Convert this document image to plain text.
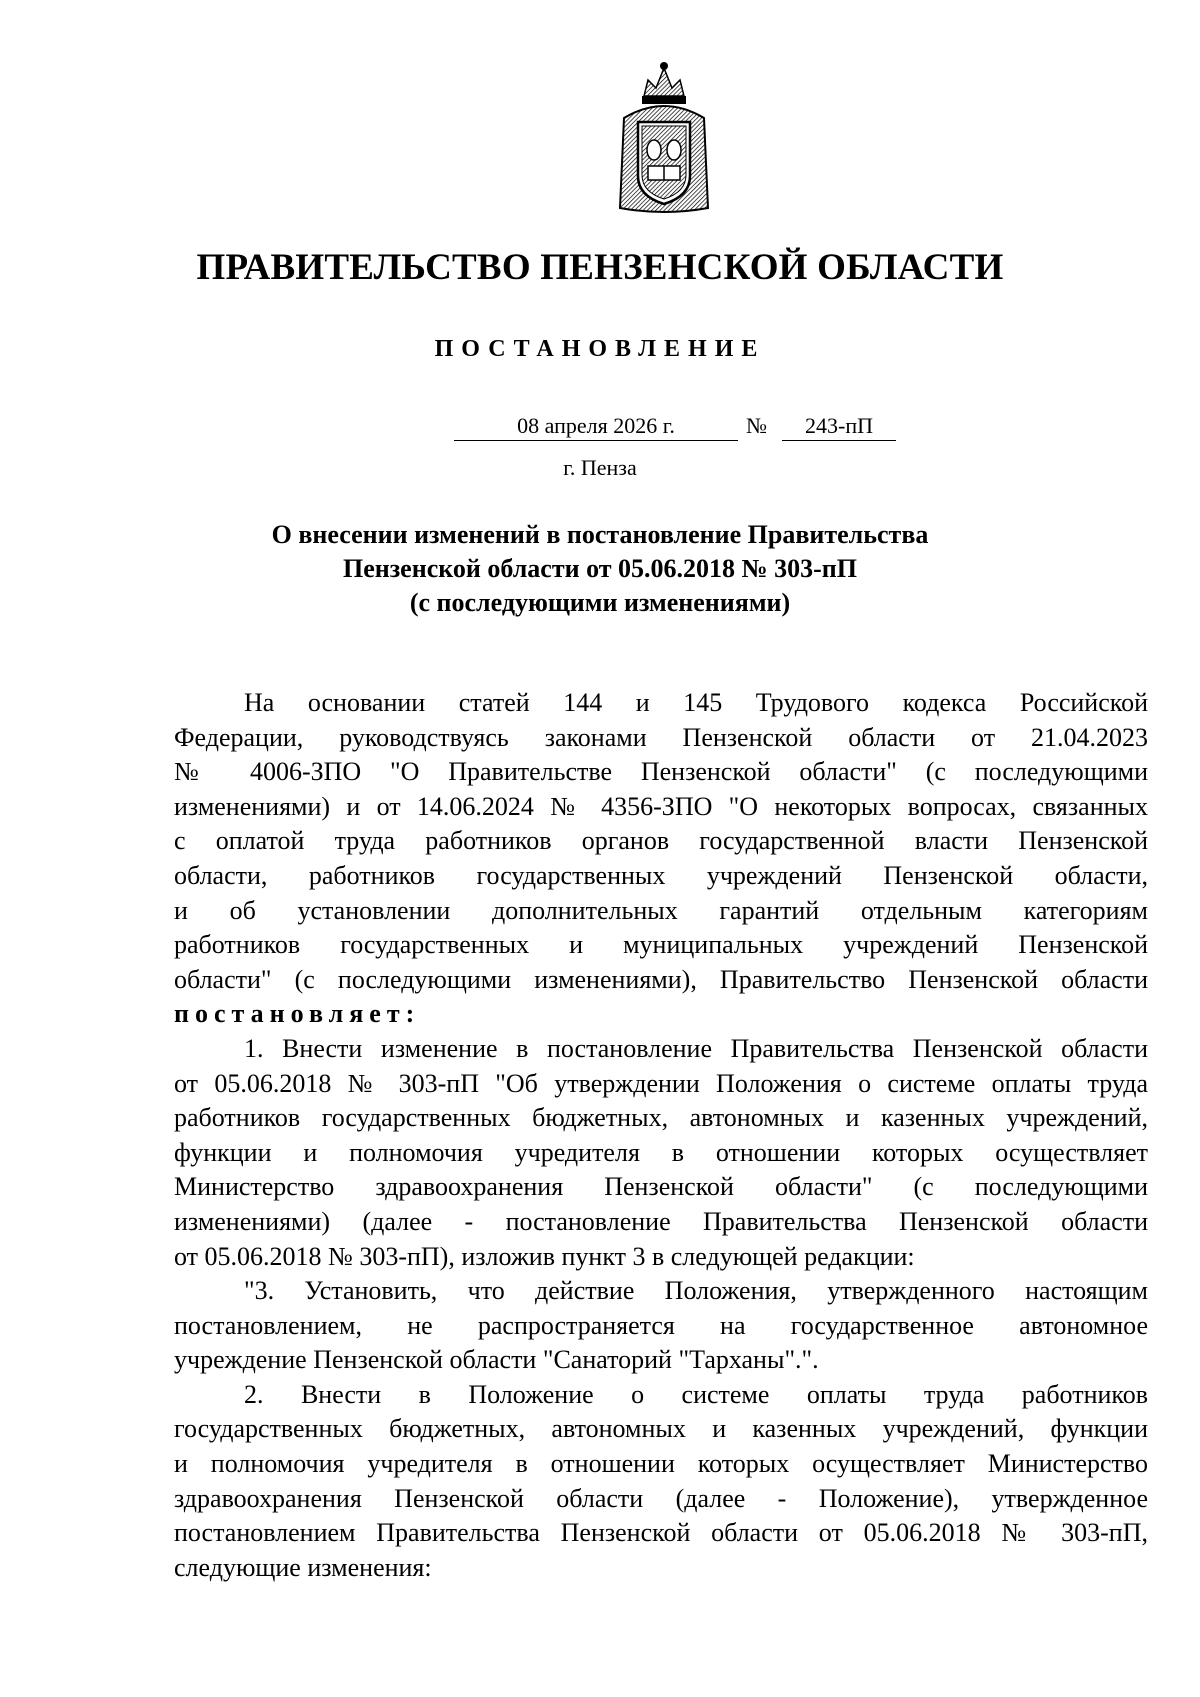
ПРАВИТЕЛЬСТВО ПЕНЗЕНСКОЙ ОБЛАСТИ
ПОСТАНОВЛЕНИЕ
08 апреля 2026 г.	№	243-пП
г. Пенза
О внесении изменений в постановление Правительства
Пензенской области от 05.06.2018 № 303-пП
(с последующими изменениями)
На основании статей 144 и 145 Трудового кодекса Российской
Федерации, руководствуясь законами Пензенской области от 21.04.2023
№ 4006-ЗПО "О Правительстве Пензенской области" (с последующими
изменениями) и от 14.06.2024 № 4356-ЗПО "О некоторых вопросах, связанных
с оплатой труда работников органов государственной власти Пензенской
области, работников государственных учреждений Пензенской области,
и об установлении дополнительных гарантий отдельным категориям
работников государственных и муниципальных учреждений Пензенской
области" (с последующими изменениями), Правительство Пензенской области
постановляет:
1. Внести изменение в постановление Правительства Пензенской области
от 05.06.2018 № 303-пП "Об утверждении Положения о системе оплаты труда
работников государственных бюджетных, автономных и казенных учреждений,
функции и полномочия учредителя в отношении которых осуществляет
Министерство здравоохранения Пензенской области" (с последующими
изменениями) (далее - постановление Правительства Пензенской области
от 05.06.2018 № 303-пП), изложив пункт 3 в следующей редакции:
"3. Установить, что действие Положения, утвержденного настоящим
постановлением, не распространяется на государственное автономное
учреждение Пензенской области "Санаторий "Тарханы".".
2. Внести в Положение о системе оплаты труда работников
государственных бюджетных, автономных и казенных учреждений, функции
и полномочия учредителя в отношении которых осуществляет Министерство
здравоохранения Пензенской области (далее - Положение), утвержденное
постановлением Правительства Пензенской области от 05.06.2018 № 303-пП,
следующие изменения:
